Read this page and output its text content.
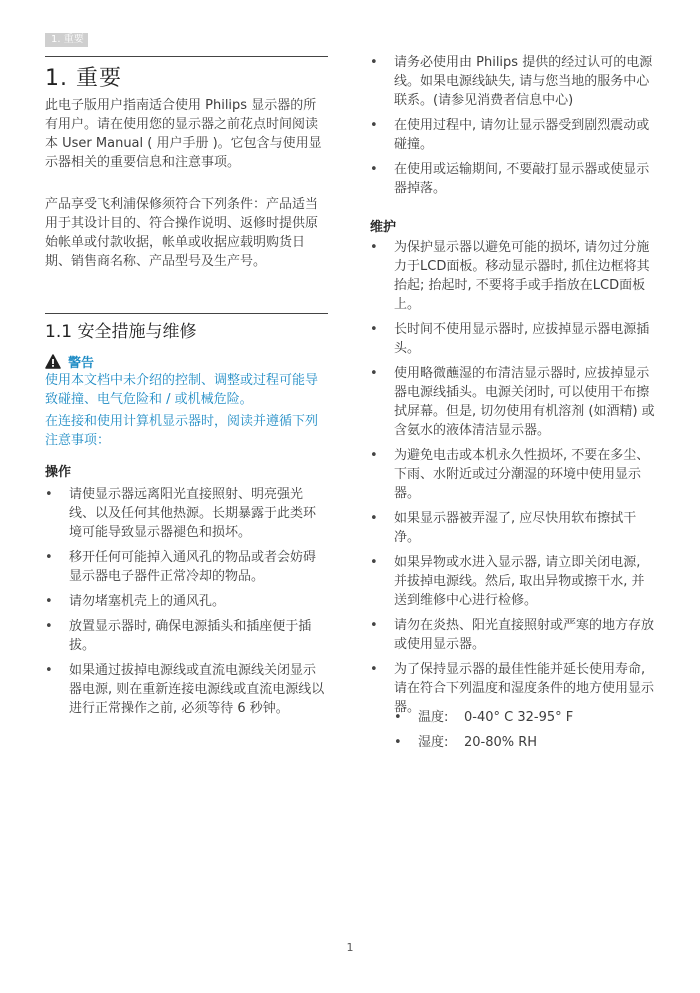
1. 重要
1. 重要
此电子版用户指南适合使用 Philips 显示器的所有用户。请在使用您的显示器之前花点时间阅读本 User Manual ( 用户手册 )。它包含与使用显示器相关的重要信息和注意事项。
产品享受飞利浦保修须符合下列条件：产品适当用于其设计目的、符合操作说明、返修时提供原始帐单或付款收据，帐单或收据应载明购货日期、销售商名称、产品型号及生产号。
1.1 安全措施与维修
警告
使用本文档中未介绍的控制、调整或过程可能导致碰撞、电气危险和 / 或机械危险。
在连接和使用计算机显示器时，阅读并遵循下列注意事项：
操作
• 请使显示器远离阳光直接照射、明亮强光线、以及任何其他热源。长期暴露于此类环境可能导致显示器褪色和损坏。
• 移开任何可能掉入通风孔的物品或者会妨碍显示器电子器件正常冷却的物品。
• 请勿堵塞机壳上的通风孔。
• 放置显示器时, 确保电源插头和插座便于插拔。
• 如果通过拔掉电源线或直流电源线关闭显示器电源, 则在重新连接电源线或直流电源线以进行正常操作之前, 必须等待 6 秒钟。
• 请务必使用由 Philips 提供的经过认可的电源线。如果电源线缺失, 请与您当地的服务中心联系。(请参见消费者信息中心)
• 在使用过程中, 请勿让显示器受到剧烈震动或碰撞。
• 在使用或运输期间, 不要敲打显示器或使显示器掉落。
维护
• 为保护显示器以避免可能的损坏, 请勿过分施力于LCD面板。移动显示器时, 抓住边框将其抬起; 抬起时, 不要将手或手指放在LCD面板上。
• 长时间不使用显示器时, 应拔掉显示器电源插头。
• 使用略微蘸湿的布清洁显示器时, 应拔掉显示器电源线插头。电源关闭时, 可以使用干布擦拭屏幕。但是, 切勿使用有机溶剂 (如酒精) 或含氨水的液体清洁显示器。
• 为避免电击或本机永久性损坏, 不要在多尘、下雨、水附近或过分潮湿的环境中使用显示器。
• 如果显示器被弄湿了, 应尽快用软布擦拭干净。
• 如果异物或水进入显示器, 请立即关闭电源, 并拔掉电源线。然后, 取出异物或擦干水, 并送到维修中心进行检修。
• 请勿在炎热、阳光直接照射或严寒的地方存放或使用显示器。
• 为了保持显示器的最佳性能并延长使用寿命, 请在符合下列温度和湿度条件的地方使用显示器。
• 温度: 0-40° C 32-95° F
• 湿度: 20-80% RH
1
